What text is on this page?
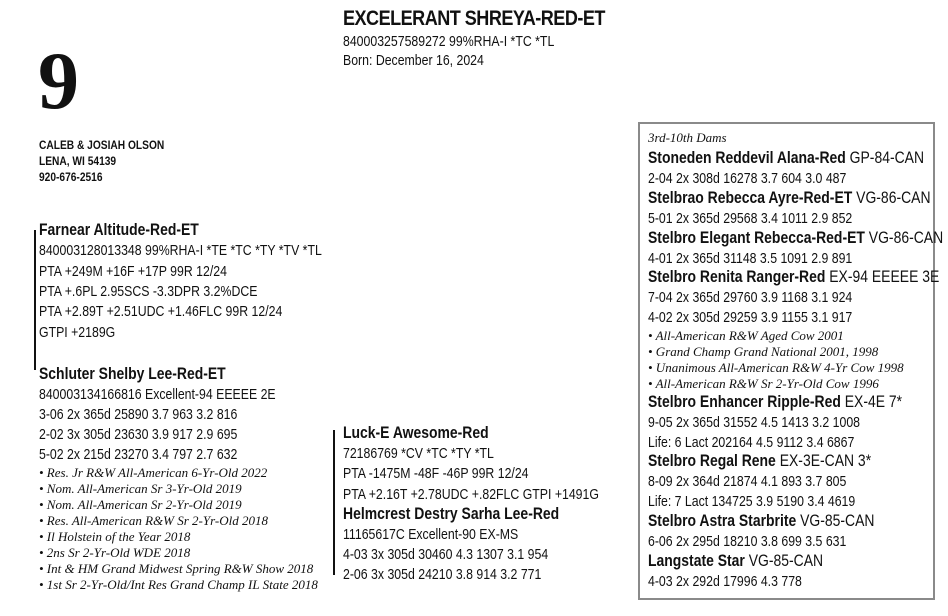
9
EXCELERANT SHREYA-RED-ET
840003257589272 99%RHA-I *TC *TL
Born: December 16, 2024
CALEB & JOSIAH OLSON
LENA, WI 54139
920-676-2516
Farnear Altitude-Red-ET
840003128013348 99%RHA-I *TE *TC *TY *TV *TL
PTA +249M +16F +17P 99R 12/24
PTA +.6PL 2.95SCS -3.3DPR 3.2%DCE
PTA +2.89T +2.51UDC +1.46FLC 99R 12/24
GTPI +2189G
Schluter Shelby Lee-Red-ET
840003134166816 Excellent-94 EEEEE 2E
3-06 2x 365d 25890 3.7 963 3.2 816
2-02 3x 305d 23630 3.9 917 2.9 695
5-02 2x 215d 23270 3.4 797 2.7 632
• Res. Jr R&W All-American 6-Yr-Old 2022
• Nom. All-American Sr 3-Yr-Old 2019
• Nom. All-American Sr 2-Yr-Old 2019
• Res. All-American R&W Sr 2-Yr-Old 2018
• Il Holstein of the Year 2018
• 2ns Sr 2-Yr-Old WDE 2018
• Int & HM Grand Midwest Spring R&W Show 2018
• 1st Sr 2-Yr-Old/Int Res Grand Champ IL State 2018
Luck-E Awesome-Red
72186769 *CV *TC *TY *TL
PTA -1475M -48F -46P 99R 12/24
PTA +2.16T +2.78UDC +.82FLC GTPI +1491G
Helmcrest Destry Sarha Lee-Red
11165617C Excellent-90 EX-MS
4-03 3x 305d 30460 4.3 1307 3.1 954
2-06 3x 305d 24210 3.8 914 3.2 771
3rd-10th Dams
Stoneden Reddevil Alana-Red GP-84-CAN
2-04 2x 308d 16278 3.7 604 3.0 487
Stelbrao Rebecca Ayre-Red-ET VG-86-CAN
5-01 2x 365d 29568 3.4 1011 2.9 852
Stelbro Elegant Rebecca-Red-ET VG-86-CAN
4-01 2x 365d 31148 3.5 1091 2.9 891
Stelbro Renita Ranger-Red EX-94 EEEEE 3E
7-04 2x 365d 29760 3.9 1168 3.1 924
4-02 2x 305d 29259 3.9 1155 3.1 917
• All-American R&W Aged Cow 2001
• Grand Champ Grand National 2001, 1998
• Unanimous All-American R&W 4-Yr Cow 1998
• All-American R&W Sr 2-Yr-Old Cow 1996
Stelbro Enhancer Ripple-Red EX-4E 7*
9-05 2x 365d 31552 4.5 1413 3.2 1008
Life: 6 Lact 202164 4.5 9112 3.4 6867
Stelbro Regal Rene EX-3E-CAN 3*
8-09 2x 364d 21874 4.1 893 3.7 805
Life: 7 Lact 134725 3.9 5190 3.4 4619
Stelbro Astra Starbrite VG-85-CAN
6-06 2x 295d 18210 3.8 699 3.5 631
Langstate Star VG-85-CAN
4-03 2x 292d 17996 4.3 778
